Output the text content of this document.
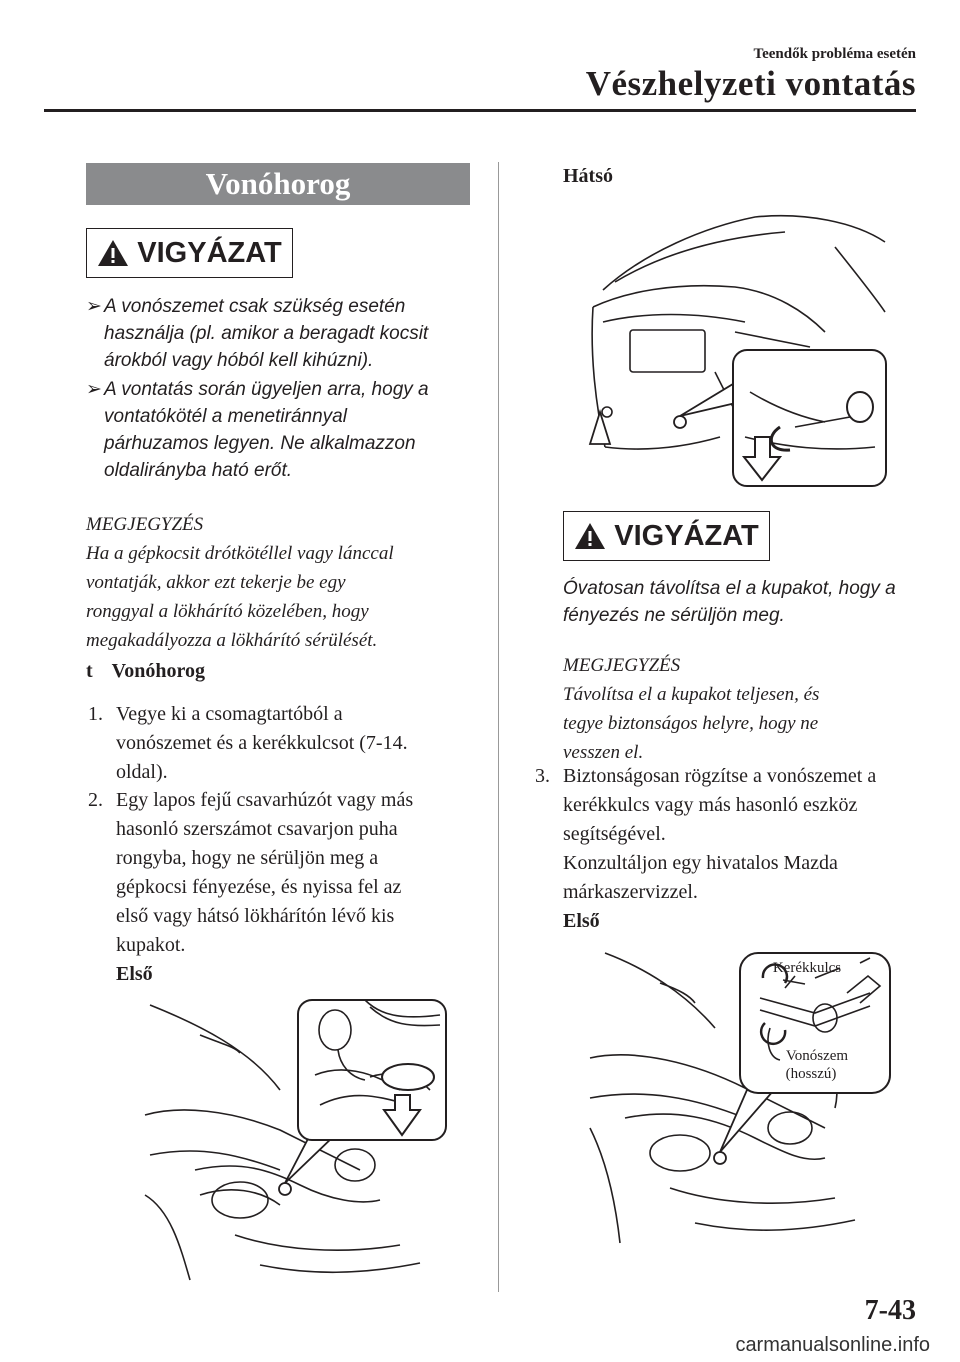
Teendők probléma esetén
Vészhelyzeti vontatás
Vonóhorog
VIGYÁZAT
➢ A vonószemet csak szükség esetén
használja (pl. amikor a beragadt kocsit
árokból vagy hóból kell kihúzni).
➢ A vontatás során ügyeljen arra, hogy a
vontatókötél a menetiránnyal
párhuzamos legyen. Ne alkalmazzon
oldalirányba ható erőt.
MEGJEGYZÉS
Ha a gépkocsit drótkötéllel vagy lánccal
vontatják, akkor ezt tekerje be egy
ronggyal a lökhárító közelében, hogy
megakadályozza a lökhárító sérülését.
t Vonóhorog
1. Vegye ki a csomagtartóból a
vonószemet és a kerékkulcsot (7-14.
oldal).
2. Egy lapos fejű csavarhúzót vagy más
hasonló szerszámot csavarjon puha
rongyba, hogy ne sérüljön meg a
gépkocsi fényezése, és nyissa fel az
első vagy hátsó lökhárítón lévő kis
kupakot.
Első
Hátsó
VIGYÁZAT
Óvatosan távolítsa el a kupakot, hogy a
fényezés ne sérüljön meg.
MEGJEGYZÉS
Távolítsa el a kupakot teljesen, és
tegye biztonságos helyre, hogy ne
vesszen el.
3. Biztonságosan rögzítse a vonószemet a
kerékkulcs vagy más hasonló eszköz
segítségével.
Konzultáljon egy hivatalos Mazda
márkaszervizzel.
Első
Kerékkulcs
Vonószem
(hosszú)
7-43
carmanualsonline.info
